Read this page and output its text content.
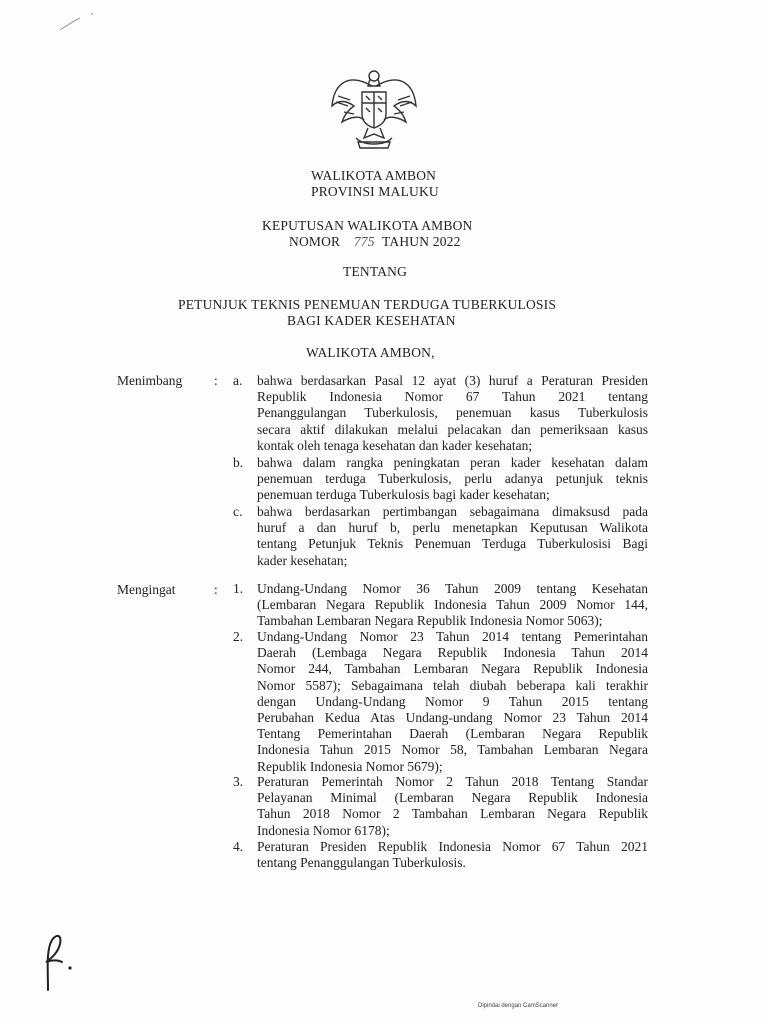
WALIKOTA AMBON
PROVINSI MALUKU
KEPUTUSAN WALIKOTA AMBON
NOMOR 775 TAHUN 2022
TENTANG
PETUNJUK TEKNIS PENEMUAN TERDUGA TUBERKULOSIS
BAGI KADER KESEHATAN
WALIKOTA AMBON,
Menimbang : a.	bahwa berdasarkan Pasal 12 ayat (3) huruf a Peraturan Presiden
Republik Indonesia Nomor 67 Tahun 2021 tentang
Penanggulangan Tuberkulosis, penemuan kasus Tuberkulosis
secara aktif dilakukan melalui pelacakan dan pemeriksaan kasus
kontak oleh tenaga kesehatan dan kader kesehatan;
b.	bahwa dalam rangka peningkatan peran kader kesehatan dalam
penemuan terduga Tuberkulosis, perlu adanya petunjuk teknis
penemuan terduga Tuberkulosis bagi kader kesehatan;
c.	bahwa berdasarkan pertimbangan sebagaimana dimaksusd pada
huruf a dan huruf b, perlu menetapkan Keputusan Walikota
tentang Petunjuk Teknis Penemuan Terduga Tuberkulosisi Bagi
kader kesehatan;
Mengingat	: 1.	Undang-Undang Nomor 36 Tahun 2009 tentang Kesehatan
(Lembaran Negara Republik Indonesia Tahun 2009 Nomor 144,
Tambahan Lembaran Negara Republik Indonesia Nomor 5063);
2.	Undang-Undang Nomor 23 Tahun 2014 tentang Pemerintahan
Daerah (Lembaga Negara Republik Indonesia Tahun 2014
Nomor 244, Tambahan Lembaran Negara Republik Indonesia
Nomor 5587); Sebagaimana telah diubah beberapa kali terakhir
dengan Undang-Undang Nomor 9 Tahun 2015 tentang
Perubahan Kedua Atas Undang-undang Nomor 23 Tahun 2014
Tentang Pemerintahan Daerah (Lembaran Negara Republik
Indonesia Tahun 2015 Nomor 58, Tambahan Lembaran Negara
Republik Indonesia Nomor 5679);
3.	Peraturan Pemerintah Nomor 2 Tahun 2018 Tentang Standar
Pelayanan Minimal (Lembaran Negara Republik Indonesia
Tahun 2018 Nomor 2 Tambahan Lembaran Negara Republik
Indonesia Nomor 6178);
4.	Peraturan Presiden Republik Indonesia Nomor 67 Tahun 2021
tentang Penanggulangan Tuberkulosis.
Dipindai dengan CamScanner
